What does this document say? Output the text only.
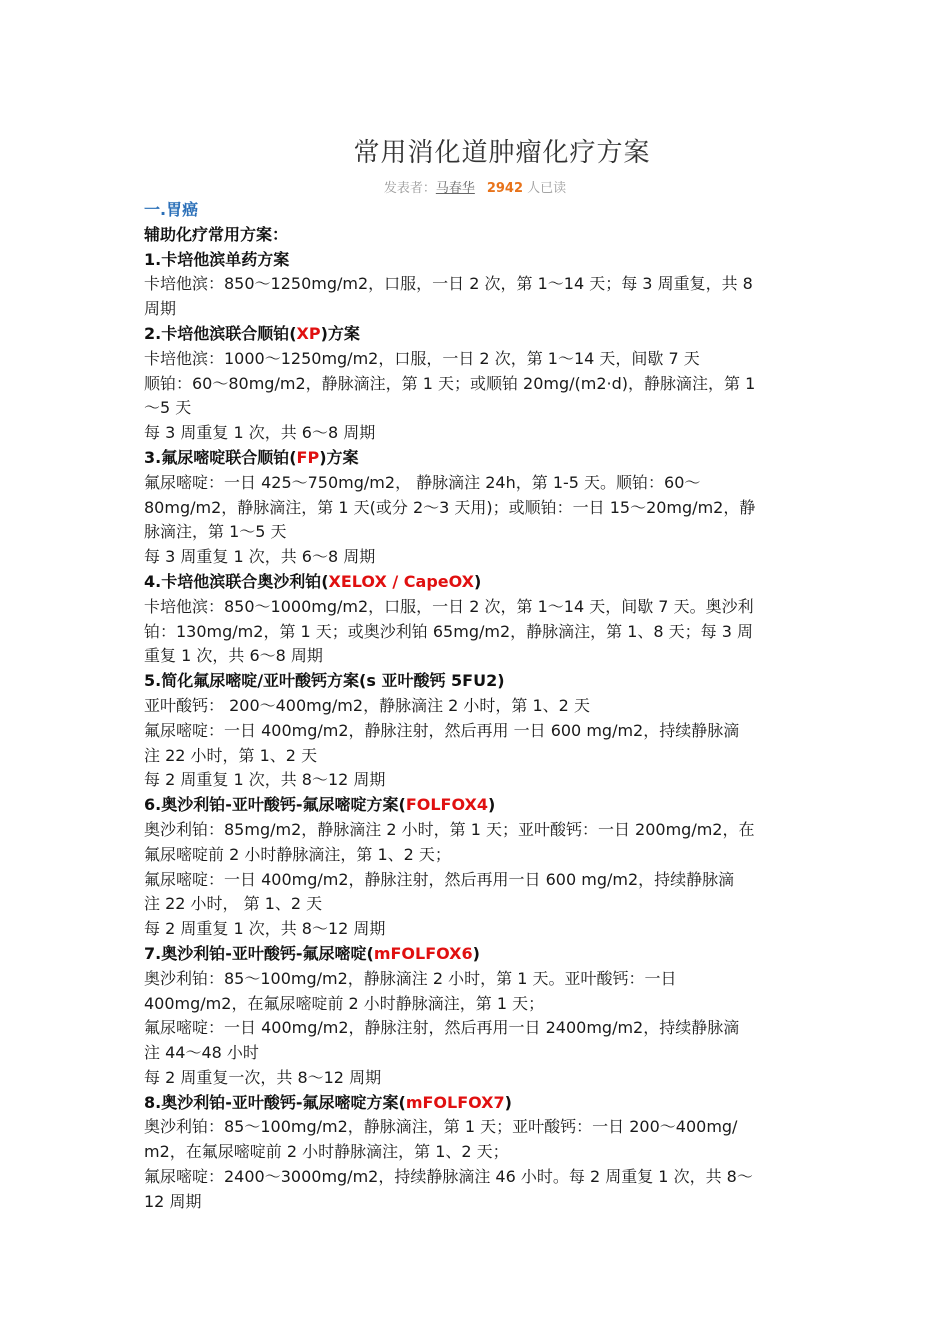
常用消化道肿瘤化疗方案
发表者：马春华 2942 人已读
一.胃癌
辅助化疗常用方案：
1.卡培他滨单药方案
卡培他滨：850～1250mg/m2，口服，一日 2 次，第 1～14 天；每 3 周重复，共 8
周期
2.卡培他滨联合顺铂(XP)方案
卡培他滨：1000～1250mg/m2，口服，一日 2 次，第 1～14 天，间歇 7 天
顺铂：60～80mg/m2，静脉滴注，第 1 天；或顺铂 20mg/(m2·d)，静脉滴注，第 1
～5 天
每 3 周重复 1 次，共 6～8 周期
3.氟尿嘧啶联合顺铂(FP)方案
氟尿嘧啶：一日 425～750mg/m2， 静脉滴注 24h，第 1-5 天。顺铂：60～
80mg/m2，静脉滴注，第 1 天(或分 2～3 天用)；或顺铂：一日 15～20mg/m2，静
脉滴注，第 1～5 天
每 3 周重复 1 次，共 6～8 周期
4.卡培他滨联合奥沙利铂(XELOX / CapeOX)
卡培他滨：850～1000mg/m2，口服，一日 2 次，第 1～14 天，间歇 7 天。奥沙利
铂：130mg/m2，第 1 天；或奥沙利铂 65mg/m2，静脉滴注，第 1、8 天；每 3 周
重复 1 次，共 6～8 周期
5.简化氟尿嘧啶/亚叶酸钙方案(s 亚叶酸钙 5FU2)
亚叶酸钙： 200～400mg/m2，静脉滴注 2 小时，第 1、2 天
氟尿嘧啶：一日 400mg/m2，静脉注射，然后再用 一日 600 mg/m2，持续静脉滴
注 22 小时，第 1、2 天
每 2 周重复 1 次，共 8～12 周期
6.奥沙利铂-亚叶酸钙-氟尿嘧啶方案(FOLFOX4)
奥沙利铂：85mg/m2，静脉滴注 2 小时，第 1 天；亚叶酸钙：一日 200mg/m2，在
氟尿嘧啶前 2 小时静脉滴注，第 1、2 天；
氟尿嘧啶：一日 400mg/m2，静脉注射，然后再用一日 600 mg/m2，持续静脉滴
注 22 小时， 第 1、2 天
每 2 周重复 1 次，共 8～12 周期
7.奥沙利铂-亚叶酸钙-氟尿嘧啶(mFOLFOX6)
奥沙利铂：85～100mg/m2，静脉滴注 2 小时，第 1 天。亚叶酸钙：一日
400mg/m2，在氟尿嘧啶前 2 小时静脉滴注，第 1 天；
氟尿嘧啶：一日 400mg/m2，静脉注射，然后再用一日 2400mg/m2，持续静脉滴
注 44～48 小时
每 2 周重复一次，共 8～12 周期
8.奥沙利铂-亚叶酸钙-氟尿嘧啶方案(mFOLFOX7)
奥沙利铂：85～100mg/m2，静脉滴注，第 1 天；亚叶酸钙：一日 200～400mg/
m2，在氟尿嘧啶前 2 小时静脉滴注，第 1、2 天；
氟尿嘧啶：2400～3000mg/m2，持续静脉滴注 46 小时。每 2 周重复 1 次，共 8～
12 周期
